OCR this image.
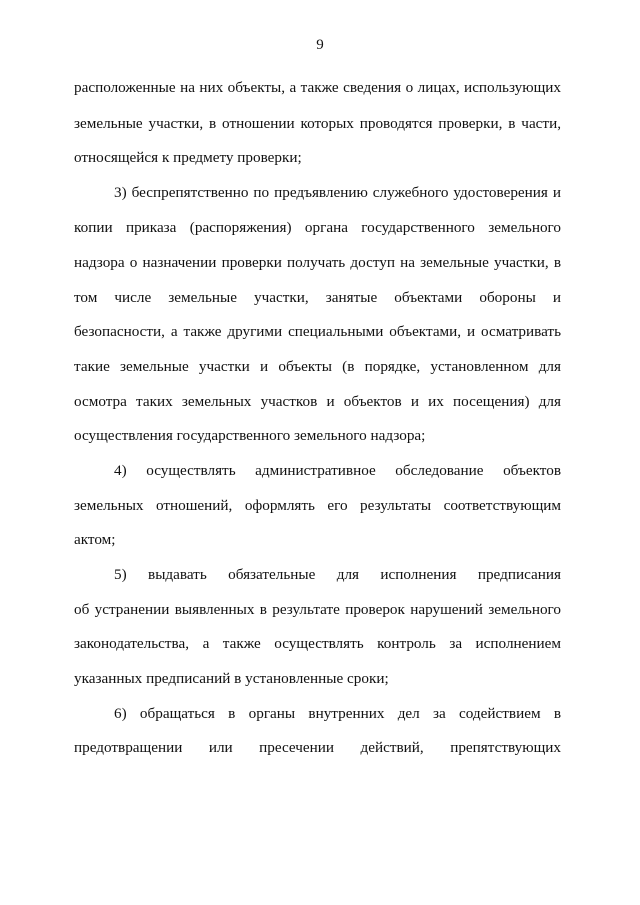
9
расположенные на них объекты, а также сведения о лицах, использующих
земельные участки, в отношении которых проводятся проверки, в части,
относящейся к предмету проверки;
3) беспрепятственно по предъявлению служебного удостоверения и
копии приказа (распоряжения) органа государственного земельного
надзора о назначении проверки получать доступ на земельные участки, в
том числе земельные участки, занятые объектами обороны и
безопасности, а также другими специальными объектами, и осматривать
такие земельные участки и объекты (в порядке, установленном для
осмотра таких земельных участков и объектов и их посещения) для
осуществления государственного земельного надзора;
4) осуществлять административное обследование объектов
земельных отношений, оформлять его результаты соответствующим
актом;
5) выдавать обязательные для исполнения предписания
об устранении выявленных в результате проверок нарушений земельного
законодательства, а также осуществлять контроль за исполнением
указанных предписаний в установленные сроки;
6) обращаться в органы внутренних дел за содействием в
предотвращении или пресечении действий, препятствующих
